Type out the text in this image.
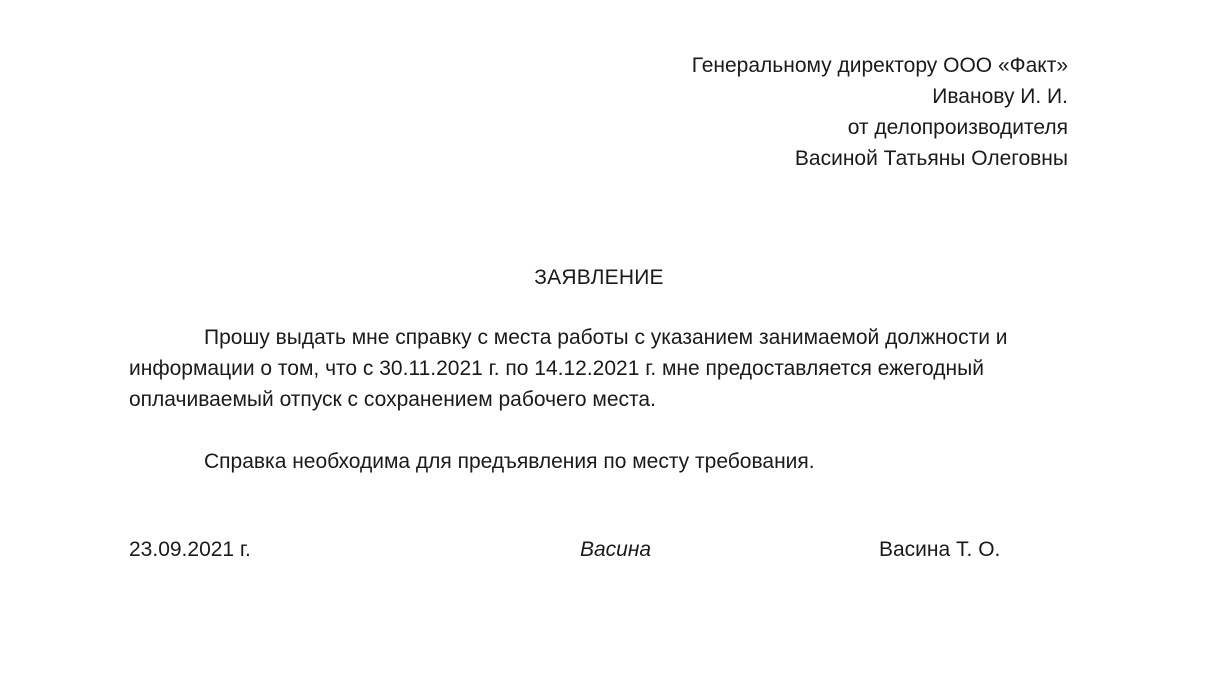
Генеральному директору ООО «Факт»
Иванову И. И.
от делопроизводителя
Васиной Татьяны Олеговны
ЗАЯВЛЕНИЕ

Прошу выдать мне справку с места работы с указанием занимаемой должности и информации о том, что с 30.11.2021 г. по 14.12.2021 г. мне предоставляется ежегодный оплачиваемый отпуск с сохранением рабочего места.

Справка необходима для предъявления по месту требования.

23.09.2021 г.	Васина	Васина Т. О.
